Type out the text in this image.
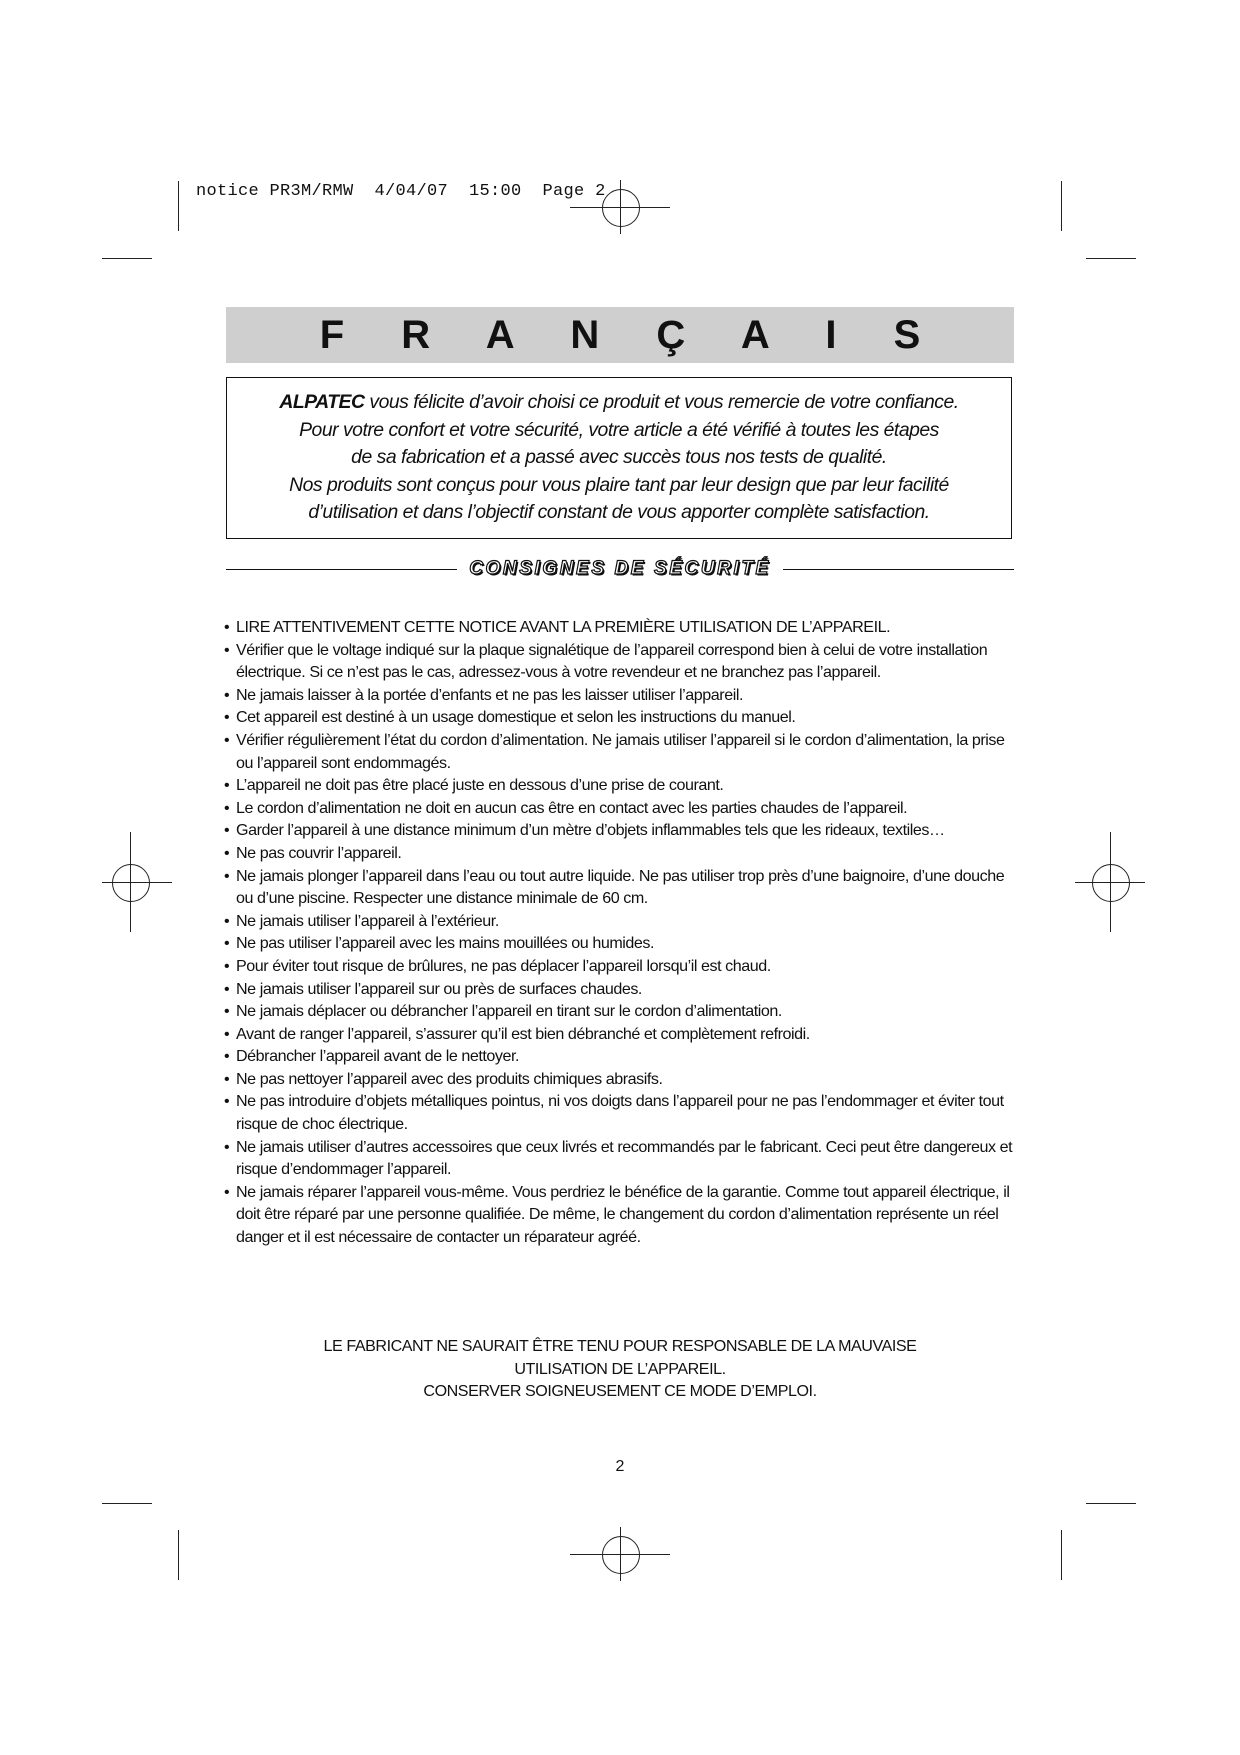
notice PR3M/RMW  4/04/07  15:00  Page 2
F R A N Ç A I S
ALPATEC vous félicite d’avoir choisi ce produit et vous remercie de votre confiance.
Pour votre confort et votre sécurité, votre article a été vérifié à toutes les étapes
de sa fabrication et a passé avec succès tous nos tests de qualité.
Nos produits sont conçus pour vous plaire tant par leur design que par leur facilité
d’utilisation et dans l’objectif constant de vous apporter complète satisfaction.
CONSIGNES DE SÉCURITÉ
• LIRE ATTENTIVEMENT CETTE NOTICE AVANT LA PREMIÈRE UTILISATION DE L’APPAREIL.
• Vérifier que le voltage indiqué sur la plaque signalétique de l’appareil correspond bien à celui de votre installation électrique. Si ce n’est pas le cas, adressez-vous à votre revendeur et ne branchez pas l’appareil.
• Ne jamais laisser à la portée d’enfants et ne pas les laisser utiliser l’appareil.
• Cet appareil est destiné à un usage domestique et selon les instructions du manuel.
• Vérifier régulièrement l’état du cordon d’alimentation. Ne jamais utiliser l’appareil si le cordon d’alimentation, la prise ou l’appareil sont endommagés.
• L’appareil ne doit pas être placé juste en dessous d’une prise de courant.
• Le cordon d’alimentation ne doit en aucun cas être en contact avec les parties chaudes de l’appareil.
• Garder l’appareil à une distance minimum d’un mètre d’objets inflammables tels que les rideaux, textiles…
• Ne pas couvrir l’appareil.
• Ne jamais plonger l’appareil dans l’eau ou tout autre liquide. Ne pas utiliser trop près d’une baignoire, d’une douche ou d’une piscine. Respecter une distance minimale de 60 cm.
• Ne jamais utiliser l’appareil à l’extérieur.
• Ne pas utiliser l’appareil avec les mains mouillées ou humides.
• Pour éviter tout risque de brûlures, ne pas déplacer l’appareil lorsqu’il est chaud.
• Ne jamais utiliser l’appareil sur ou près de surfaces chaudes.
• Ne jamais déplacer ou débrancher l’appareil en tirant sur le cordon d’alimentation.
• Avant de ranger l’appareil, s’assurer qu’il est bien débranché et complètement refroidi.
• Débrancher l’appareil avant de le nettoyer.
• Ne pas nettoyer l’appareil avec des produits chimiques abrasifs.
• Ne pas introduire d’objets métalliques pointus, ni vos doigts dans l’appareil pour ne pas l’endommager et éviter tout risque de choc électrique.
• Ne jamais utiliser d’autres accessoires que ceux livrés et recommandés par le fabricant. Ceci peut être dangereux et risque d’endommager l’appareil.
• Ne jamais réparer l’appareil vous-même. Vous perdriez le bénéfice de la garantie. Comme tout appareil électrique, il doit être réparé par une personne qualifiée. De même, le changement du cordon d’alimentation représente un réel danger et il est nécessaire de contacter un réparateur agréé.
LE FABRICANT NE SAURAIT ÊTRE TENU POUR RESPONSABLE DE LA MAUVAISE
UTILISATION DE L’APPAREIL.
CONSERVER SOIGNEUSEMENT CE MODE D’EMPLOI.
2
